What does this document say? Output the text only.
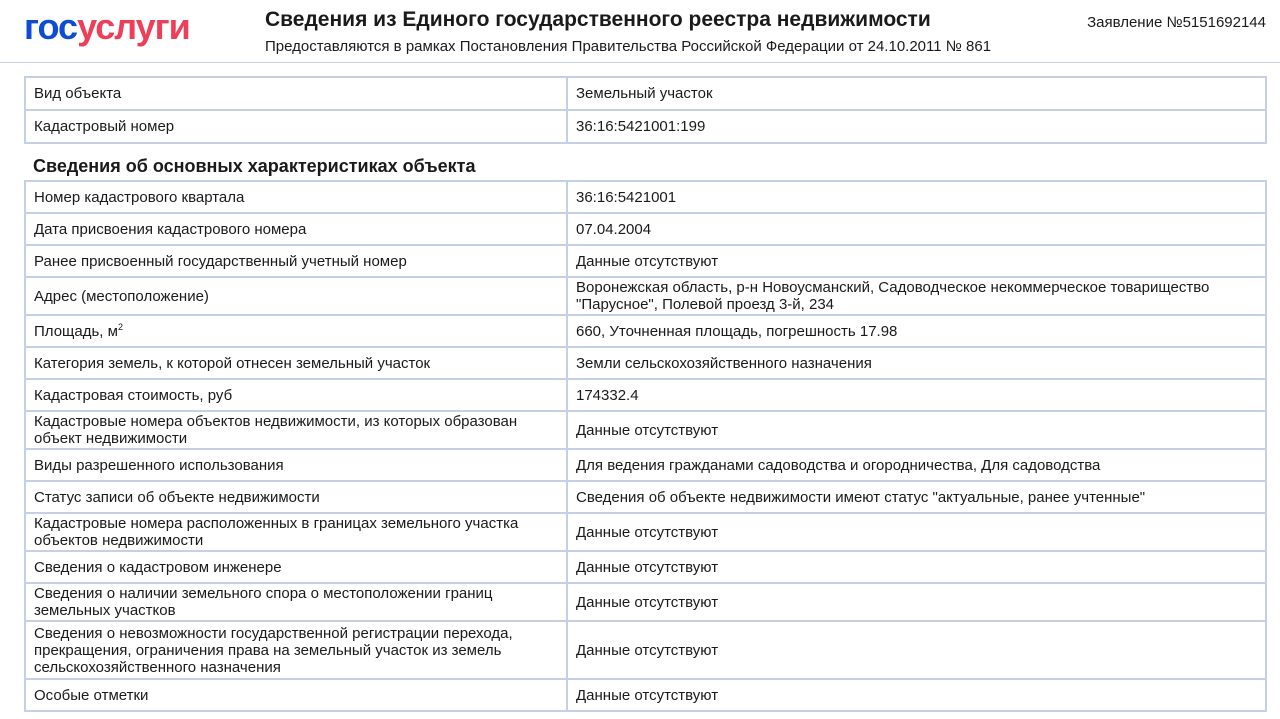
госуслуги	Сведения из Единого государственного реестра недвижимости
Предоставляются в рамках Постановления Правительства Российской Федерации от 24.10.2011 № 861
Заявление №5151692144
Вид объекта	Земельный участок
Кадастровый номер	36:16:5421001:199
Сведения об основных характеристиках объекта
Номер кадастрового квартала	36:16:5421001
Дата присвоения кадастрового номера	07.04.2004
Ранее присвоенный государственный учетный номер	Данные отсутствуют
Адрес (местоположение)	Воронежская область, р-н Новоусманский, Садоводческое некоммерческое товарищество "Парусное", Полевой проезд 3-й, 234
Площадь, $м^2$	660, Уточненная площадь, погрешность 17.98
Категория земель, к которой отнесен земельный участок	Земли сельскохозяйственного назначения
Кадастровая стоимость, руб	174332.4
Кадастровые номера объектов недвижимости, из которых образован объект недвижимости	Данные отсутствуют
Виды разрешенного использования	Для ведения гражданами садоводства и огородничества, Для садоводства
Статус записи об объекте недвижимости	Сведения об объекте недвижимости имеют статус "актуальные, ранее учтенные"
Кадастровые номера расположенных в границах земельного участка объектов недвижимости	Данные отсутствуют
Сведения о кадастровом инженере	Данные отсутствуют
Сведения о наличии земельного спора о местоположении границ земельных участков	Данные отсутствуют
Сведения о невозможности государственной регистрации перехода, прекращения, ограничения права на земельный участок из земель сельскохозяйственного назначения	Данные отсутствуют
Особые отметки	Данные отсутствуют
